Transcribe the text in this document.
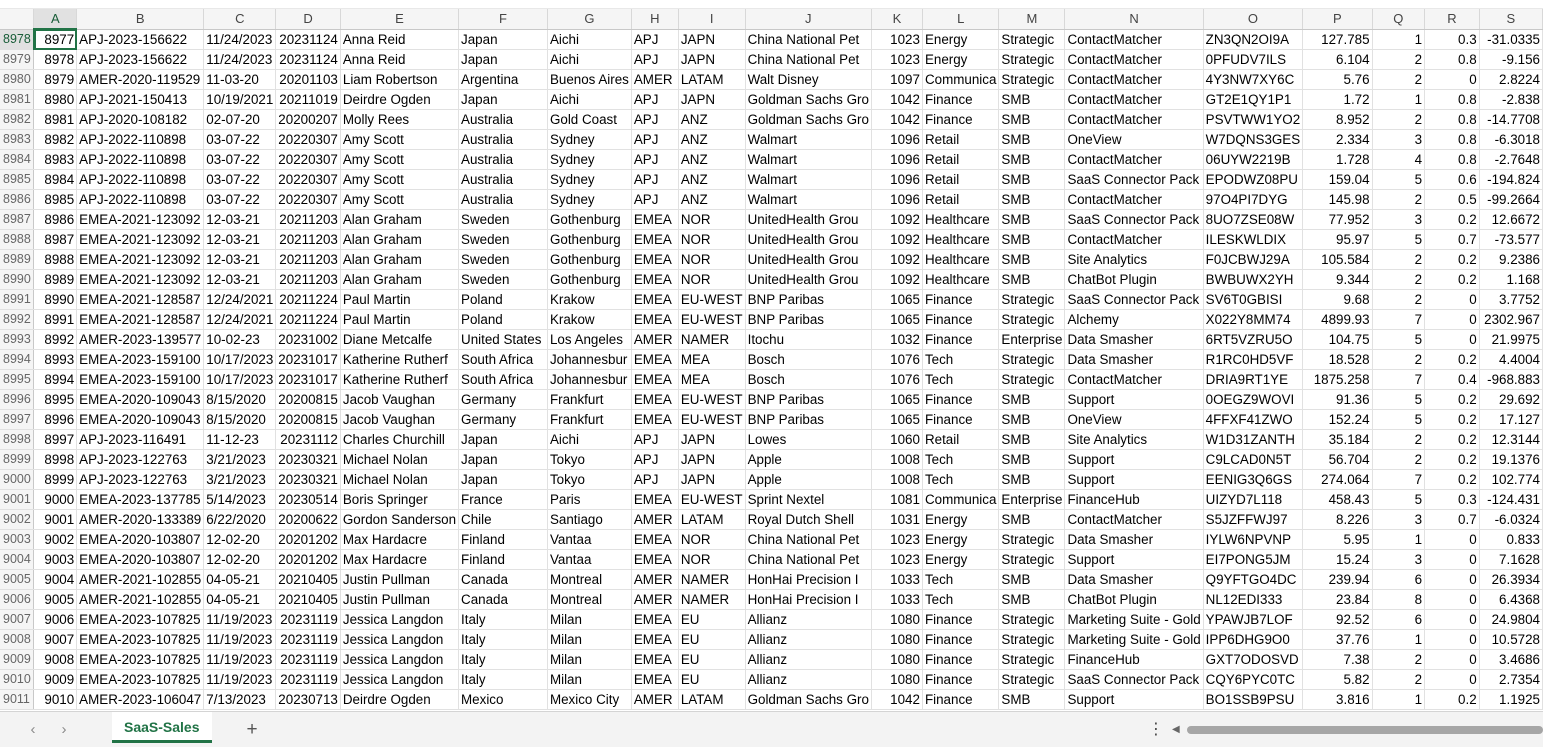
	A	B	C	D	E	F	G	H	I	J	K	L	M	N	O	P	Q	R	S
8978	8977	APJ-2023-156622	11/24/2023	20231124	Anna Reid	Japan	Aichi	APJ	JAPN	China National Pet	1023	Energy	Strategic	ContactMatcher	ZN3QN2OI9A	127.785	1	0.3	-31.0335
8979	8978	APJ-2023-156622	11/24/2023	20231124	Anna Reid	Japan	Aichi	APJ	JAPN	China National Pet	1023	Energy	Strategic	ContactMatcher	0PFUDV7ILS	6.104	2	0.8	-9.156
8980	8979	AMER-2020-119529	11-03-20	20201103	Liam Robertson	Argentina	Buenos Aires	AMER	LATAM	Walt Disney	1097	Communica	Strategic	ContactMatcher	4Y3NW7XY6C	5.76	2	0	2.8224
8981	8980	APJ-2021-150413	10/19/2021	20211019	Deirdre Ogden	Japan	Aichi	APJ	JAPN	Goldman Sachs Gro	1042	Finance	SMB	ContactMatcher	GT2E1QY1P1	1.72	1	0.8	-2.838
8982	8981	APJ-2020-108182	02-07-20	20200207	Molly Rees	Australia	Gold Coast	APJ	ANZ	Goldman Sachs Gro	1042	Finance	SMB	ContactMatcher	PSVTWW1YO2	8.952	2	0.8	-14.7708
8983	8982	APJ-2022-110898	03-07-22	20220307	Amy Scott	Australia	Sydney	APJ	ANZ	Walmart	1096	Retail	SMB	OneView	W7DQNS3GES	2.334	3	0.8	-6.3018
8984	8983	APJ-2022-110898	03-07-22	20220307	Amy Scott	Australia	Sydney	APJ	ANZ	Walmart	1096	Retail	SMB	ContactMatcher	06UYW2219B	1.728	4	0.8	-2.7648
8985	8984	APJ-2022-110898	03-07-22	20220307	Amy Scott	Australia	Sydney	APJ	ANZ	Walmart	1096	Retail	SMB	SaaS Connector Pack	EPODWZ08PU	159.04	5	0.6	-194.824
8986	8985	APJ-2022-110898	03-07-22	20220307	Amy Scott	Australia	Sydney	APJ	ANZ	Walmart	1096	Retail	SMB	ContactMatcher	97O4PI7DYG	145.98	2	0.5	-99.2664
8987	8986	EMEA-2021-123092	12-03-21	20211203	Alan Graham	Sweden	Gothenburg	EMEA	NOR	UnitedHealth Grou	1092	Healthcare	SMB	SaaS Connector Pack	8UO7ZSE08W	77.952	3	0.2	12.6672
8988	8987	EMEA-2021-123092	12-03-21	20211203	Alan Graham	Sweden	Gothenburg	EMEA	NOR	UnitedHealth Grou	1092	Healthcare	SMB	ContactMatcher	ILESKWLDIX	95.97	5	0.7	-73.577
8989	8988	EMEA-2021-123092	12-03-21	20211203	Alan Graham	Sweden	Gothenburg	EMEA	NOR	UnitedHealth Grou	1092	Healthcare	SMB	Site Analytics	F0JCBWJ29A	105.584	2	0.2	9.2386
8990	8989	EMEA-2021-123092	12-03-21	20211203	Alan Graham	Sweden	Gothenburg	EMEA	NOR	UnitedHealth Grou	1092	Healthcare	SMB	ChatBot Plugin	BWBUWX2YH	9.344	2	0.2	1.168
8991	8990	EMEA-2021-128587	12/24/2021	20211224	Paul Martin	Poland	Krakow	EMEA	EU-WEST	BNP Paribas	1065	Finance	Strategic	SaaS Connector Pack	SV6T0GBISI	9.68	2	0	3.7752
8992	8991	EMEA-2021-128587	12/24/2021	20211224	Paul Martin	Poland	Krakow	EMEA	EU-WEST	BNP Paribas	1065	Finance	Strategic	Alchemy	X022Y8MM74	4899.93	7	0	2302.967
8993	8992	AMER-2023-139577	10-02-23	20231002	Diane Metcalfe	United States	Los Angeles	AMER	NAMER	Itochu	1032	Finance	Enterprise	Data Smasher	6RT5VZRU5O	104.75	5	0	21.9975
8994	8993	EMEA-2023-159100	10/17/2023	20231017	Katherine Rutherf	South Africa	Johannesbur	EMEA	MEA	Bosch	1076	Tech	Strategic	Data Smasher	R1RC0HD5VF	18.528	2	0.2	4.4004
8995	8994	EMEA-2023-159100	10/17/2023	20231017	Katherine Rutherf	South Africa	Johannesbur	EMEA	MEA	Bosch	1076	Tech	Strategic	ContactMatcher	DRIA9RT1YE	1875.258	7	0.4	-968.883
8996	8995	EMEA-2020-109043	8/15/2020	20200815	Jacob Vaughan	Germany	Frankfurt	EMEA	EU-WEST	BNP Paribas	1065	Finance	SMB	Support	0OEGZ9WOVI	91.36	5	0.2	29.692
8997	8996	EMEA-2020-109043	8/15/2020	20200815	Jacob Vaughan	Germany	Frankfurt	EMEA	EU-WEST	BNP Paribas	1065	Finance	SMB	OneView	4FFXF41ZWO	152.24	5	0.2	17.127
8998	8997	APJ-2023-116491	11-12-23	20231112	Charles Churchill	Japan	Aichi	APJ	JAPN	Lowes	1060	Retail	SMB	Site Analytics	W1D31ZANTH	35.184	2	0.2	12.3144
8999	8998	APJ-2023-122763	3/21/2023	20230321	Michael Nolan	Japan	Tokyo	APJ	JAPN	Apple	1008	Tech	SMB	Support	C9LCAD0N5T	56.704	2	0.2	19.1376
9000	8999	APJ-2023-122763	3/21/2023	20230321	Michael Nolan	Japan	Tokyo	APJ	JAPN	Apple	1008	Tech	SMB	Support	EENIG3Q6GS	274.064	7	0.2	102.774
9001	9000	EMEA-2023-137785	5/14/2023	20230514	Boris Springer	France	Paris	EMEA	EU-WEST	Sprint Nextel	1081	Communica	Enterprise	FinanceHub	UIZYD7L118	458.43	5	0.3	-124.431
9002	9001	AMER-2020-133389	6/22/2020	20200622	Gordon Sanderson	Chile	Santiago	AMER	LATAM	Royal Dutch Shell	1031	Energy	SMB	ContactMatcher	S5JZFFWJ97	8.226	3	0.7	-6.0324
9003	9002	EMEA-2020-103807	12-02-20	20201202	Max Hardacre	Finland	Vantaa	EMEA	NOR	China National Pet	1023	Energy	Strategic	Data Smasher	IYLW6NPVNP	5.95	1	0	0.833
9004	9003	EMEA-2020-103807	12-02-20	20201202	Max Hardacre	Finland	Vantaa	EMEA	NOR	China National Pet	1023	Energy	Strategic	Support	EI7PONG5JM	15.24	3	0	7.1628
9005	9004	AMER-2021-102855	04-05-21	20210405	Justin Pullman	Canada	Montreal	AMER	NAMER	HonHai Precision I	1033	Tech	SMB	Data Smasher	Q9YFTGO4DC	239.94	6	0	26.3934
9006	9005	AMER-2021-102855	04-05-21	20210405	Justin Pullman	Canada	Montreal	AMER	NAMER	HonHai Precision I	1033	Tech	SMB	ChatBot Plugin	NL12EDI333	23.84	8	0	6.4368
9007	9006	EMEA-2023-107825	11/19/2023	20231119	Jessica Langdon	Italy	Milan	EMEA	EU	Allianz	1080	Finance	Strategic	Marketing Suite - Gold	YPAWJB7LOF	92.52	6	0	24.9804
9008	9007	EMEA-2023-107825	11/19/2023	20231119	Jessica Langdon	Italy	Milan	EMEA	EU	Allianz	1080	Finance	Strategic	Marketing Suite - Gold	IPP6DHG9O0	37.76	1	0	10.5728
9009	9008	EMEA-2023-107825	11/19/2023	20231119	Jessica Langdon	Italy	Milan	EMEA	EU	Allianz	1080	Finance	Strategic	FinanceHub	GXT7ODOSVD	7.38	2	0	3.4686
9010	9009	EMEA-2023-107825	11/19/2023	20231119	Jessica Langdon	Italy	Milan	EMEA	EU	Allianz	1080	Finance	Strategic	SaaS Connector Pack	CQY6PYC0TC	5.82	2	0	2.7354
9011	9010	AMER-2023-106047	7/13/2023	20230713	Deirdre Ogden	Mexico	Mexico City	AMER	LATAM	Goldman Sachs Gro	1042	Finance	SMB	Support	BO1SSB9PSU	3.816	1	0.2	1.1925
‹	›	SaaS-Sales	+	⋮ ◀
